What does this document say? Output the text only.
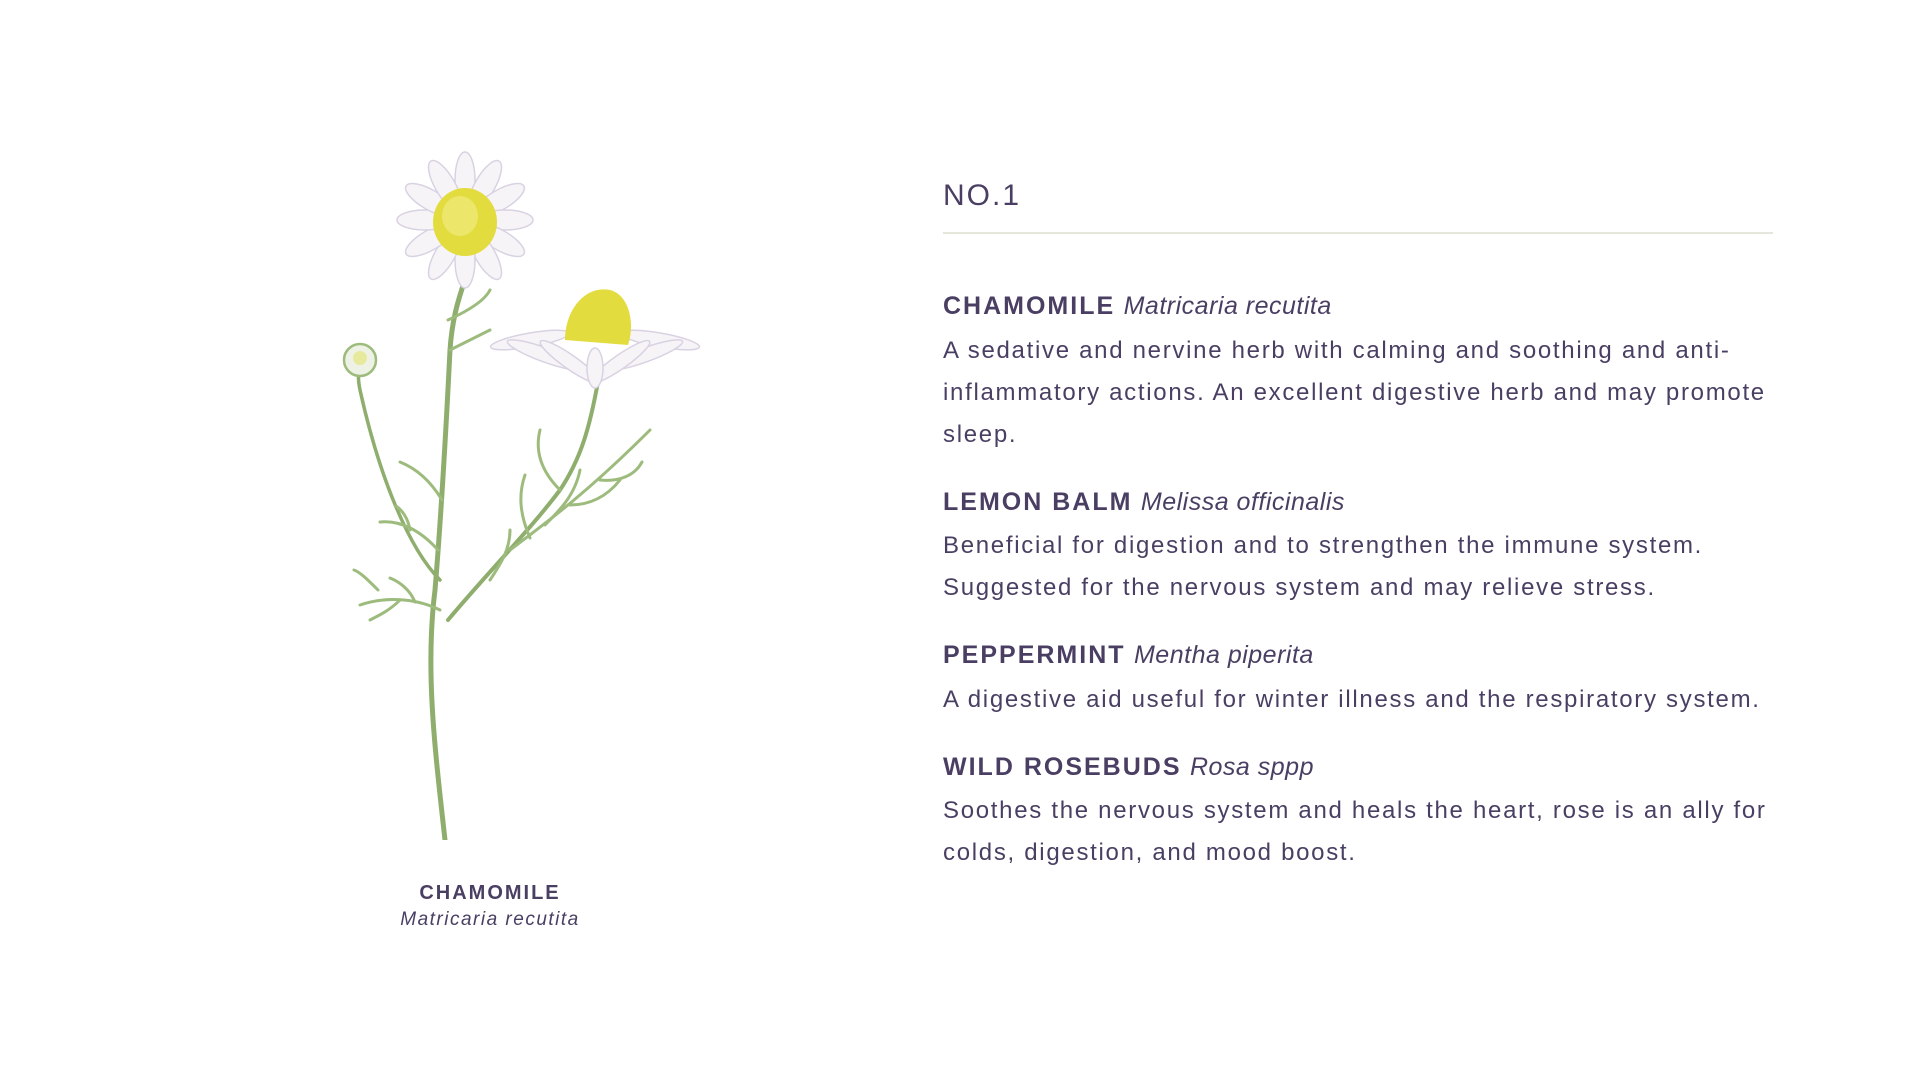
CHAMOMILE
Matricaria recutita
NO.1

CHAMOMILE Matricaria recutita

A sedative and nervine herb with calming and soothing and anti-inflammatory actions. An excellent digestive herb and may promote sleep.

LEMON BALM Melissa officinalis

Beneficial for digestion and to strengthen the immune system. Suggested for the nervous system and may relieve stress.

PEPPERMINT Mentha piperita

A digestive aid useful for winter illness and the respiratory system.

WILD ROSEBUDS Rosa sppp

Soothes the nervous system and heals the heart, rose is an ally for colds, digestion, and mood boost.
